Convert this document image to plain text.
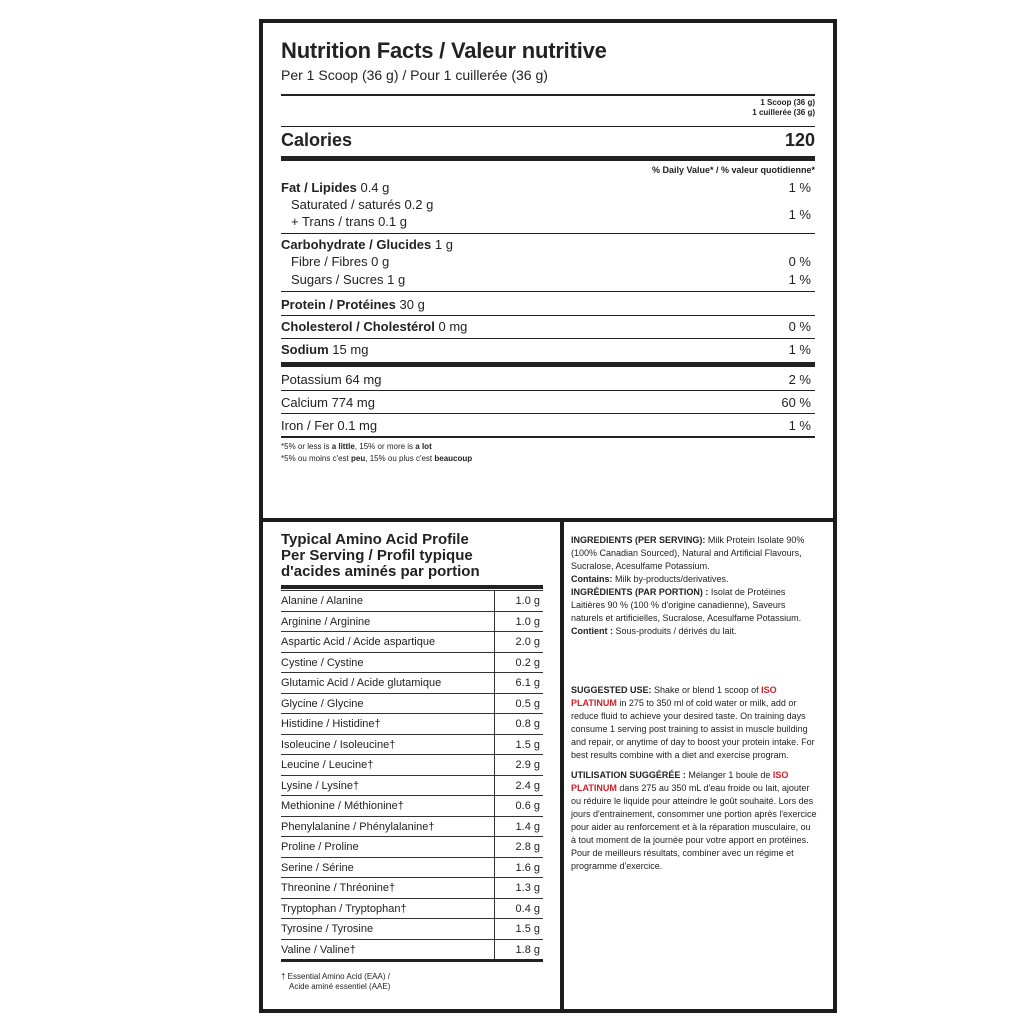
Nutrition Facts / Valeur nutritive
Per 1 Scoop (36 g) / Pour 1 cuillerée (36 g)
1 Scoop (36 g)
1 cuillerée (36 g)
Calories	120
% Daily Value* / % valeur quotidienne*
Fat / Lipides 0.4 g	1 %
Saturated / saturés 0.2 g
+ Trans / trans 0.1 g	1 %
Carbohydrate / Glucides 1 g
Fibre / Fibres 0 g	0 %
Sugars / Sucres 1 g	1 %
Protein / Protéines 30 g
Cholesterol / Cholestérol 0 mg	0 %
Sodium 15 mg	1 %
Potassium 64 mg	2 %
Calcium 774 mg	60 %
Iron / Fer 0.1 mg	1 %
*5% or less is a little, 15% or more is a lot
*5% ou moins c'est peu, 15% ou plus c'est beaucoup
Typical Amino Acid Profile
Per Serving / Profil typique
d'acides aminés par portion
Alanine / Alanine	1.0 g
Arginine / Arginine	1.0 g
Aspartic Acid / Acide aspartique	2.0 g
Cystine / Cystine	0.2 g
Glutamic Acid / Acide glutamique	6.1 g
Glycine / Glycine	0.5 g
Histidine / Histidine†	0.8 g
Isoleucine / Isoleucine†	1.5 g
Leucine / Leucine†	2.9 g
Lysine / Lysine†	2.4 g
Methionine / Méthionine†	0.6 g
Phenylalanine / Phénylalanine†	1.4 g
Proline / Proline	2.8 g
Serine / Sérine	1.6 g
Threonine / Thréonine†	1.3 g
Tryptophan / Tryptophan†	0.4 g
Tyrosine / Tyrosine	1.5 g
Valine / Valine†	1.8 g
† Essential Amino Acid (EAA) /
Acide aminé essentiel (AAE)

INGREDIENTS (PER SERVING): Milk Protein Isolate 90% (100% Canadian Sourced), Natural and Artificial Flavours, Sucralose, Acesulfame Potassium.

Contains: Milk by-products/derivatives.

INGRÉDIENTS (PAR PORTION) : Isolat de Protéines Laitières 90 % (100 % d'origine canadienne), Saveurs naturels et artificielles, Sucralose, Acesulfame Potassium.

Contient : Sous-produits / dérivés du lait.

SUGGESTED USE: Shake or blend 1 scoop of ISO PLATINUM in 275 to 350 ml of cold water or milk, add or reduce fluid to achieve your desired taste. On training days consume 1 serving post training to assist in muscle building and repair, or anytime of day to boost your protein intake. For best results combine with a diet and exercise program.

UTILISATION SUGGÉRÉE : Mélanger 1 boule de ISO PLATINUM dans 275 au 350 mL d'eau froide ou lait, ajouter ou réduire le liquide pour atteindre le goût souhaité. Lors des jours d'entrainement, consommer une portion après l'exercice pour aider au renforcement et à la réparation musculaire, ou à tout moment de la journée pour votre apport en protéines. Pour de meilleurs résultats, combiner avec un régime et programme d'exercice.
